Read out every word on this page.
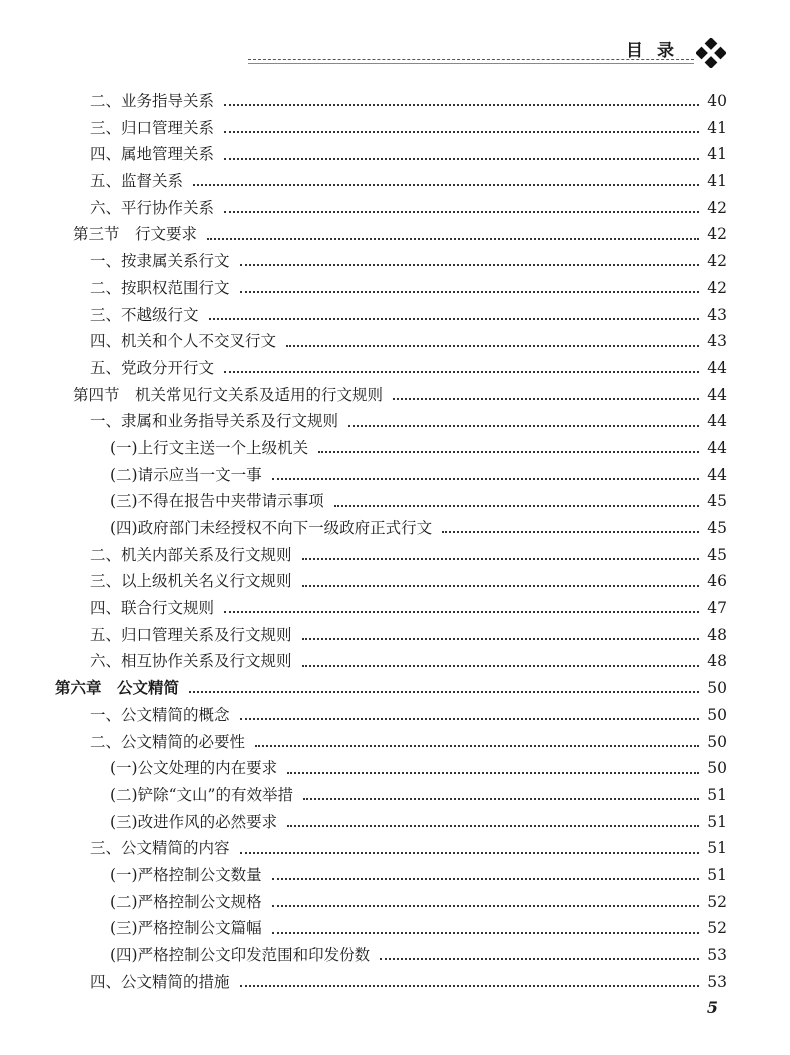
目录
二、业务指导关系	40
三、归口管理关系	41
四、属地管理关系	41
五、监督关系	41
六、平行协作关系	42
第三节　行文要求	42
一、按隶属关系行文	42
二、按职权范围行文	42
三、不越级行文	43
四、机关和个人不交叉行文	43
五、党政分开行文	44
第四节　机关常见行文关系及适用的行文规则	44
一、隶属和业务指导关系及行文规则	44
(一)上行文主送一个上级机关	44
(二)请示应当一文一事	44
(三)不得在报告中夹带请示事项	45
(四)政府部门未经授权不向下一级政府正式行文	45
二、机关内部关系及行文规则	45
三、以上级机关名义行文规则	46
四、联合行文规则	47
五、归口管理关系及行文规则	48
六、相互协作关系及行文规则	48
第六章　公文精简	50
一、公文精简的概念	50
二、公文精简的必要性	50
(一)公文处理的内在要求	50
(二)铲除“文山”的有效举措	51
(三)改进作风的必然要求	51
三、公文精简的内容	51
(一)严格控制公文数量	51
(二)严格控制公文规格	52
(三)严格控制公文篇幅	52
(四)严格控制公文印发范围和印发份数	53
四、公文精简的措施	53
5
